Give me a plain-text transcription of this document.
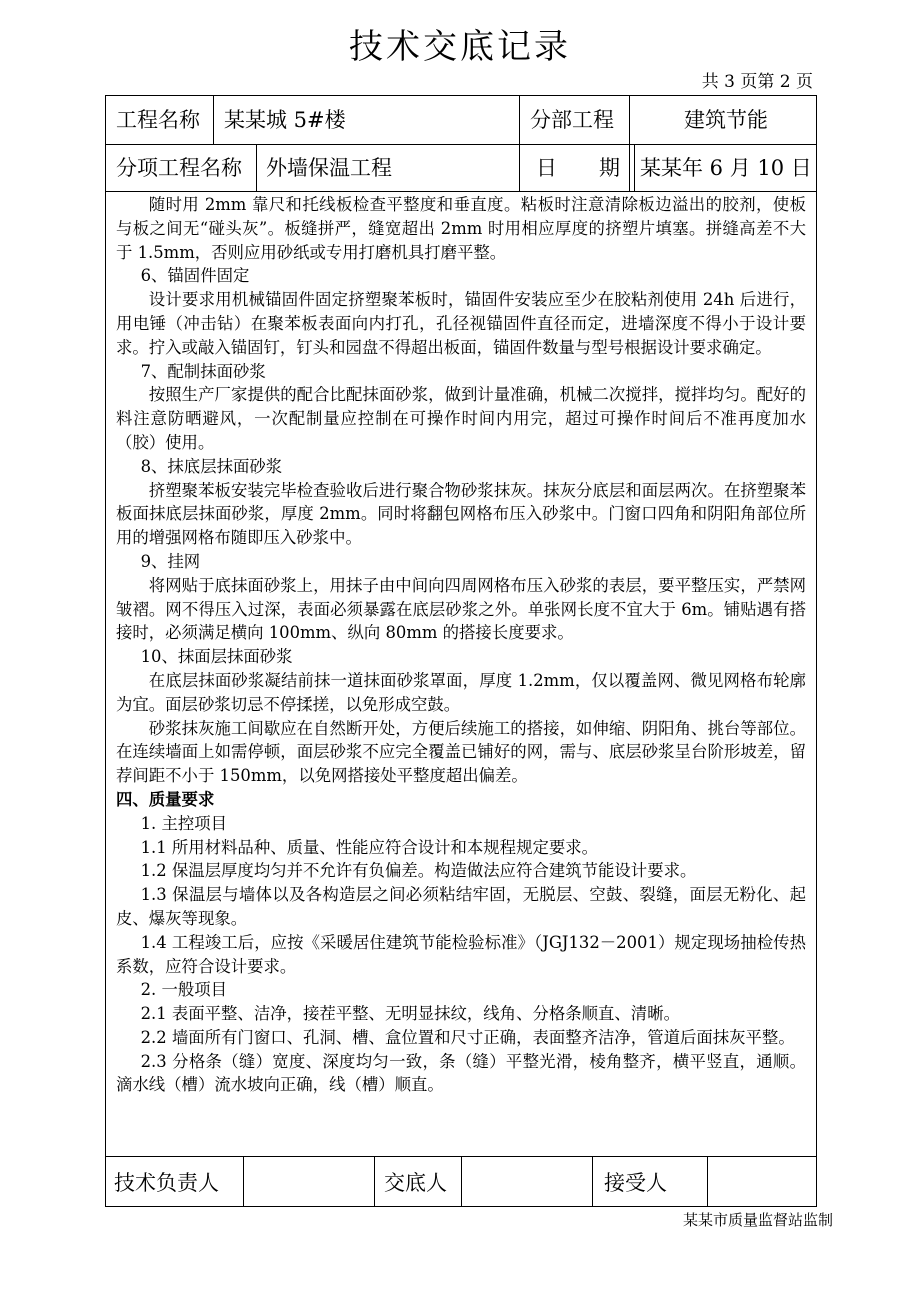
技术交底记录
共 3 页第 2 页
工程名称 某某城 5#楼	分部工程	建筑节能
分项工程名称 外墙保温工程	日　　期 某某年 6 月 10 日

随时用 2mm 靠尺和托线板检查平整度和垂直度。粘板时注意清除板边溢出的胶剂，使板与板之间无“碰头灰”。板缝拼严，缝宽超出 2mm 时用相应厚度的挤塑片填塞。拼缝高差不大于 1.5mm，否则应用砂纸或专用打磨机具打磨平整。

6、锚固件固定

设计要求用机械锚固件固定挤塑聚苯板时，锚固件安装应至少在胶粘剂使用 24h 后进行，用电锤（冲击钻）在聚苯板表面向内打孔，孔径视锚固件直径而定，进墙深度不得小于设计要求。拧入或敲入锚固钉，钉头和园盘不得超出板面，锚固件数量与型号根据设计要求确定。

7、配制抹面砂浆

按照生产厂家提供的配合比配抹面砂浆，做到计量准确，机械二次搅拌，搅拌均匀。配好的料注意防晒避风，一次配制量应控制在可操作时间内用完，超过可操作时间后不准再度加水（胶）使用。

8、抹底层抹面砂浆

挤塑聚苯板安装完毕检查验收后进行聚合物砂浆抹灰。抹灰分底层和面层两次。在挤塑聚苯板面抹底层抹面砂浆，厚度 2mm。同时将翻包网格布压入砂浆中。门窗口四角和阴阳角部位所用的增强网格布随即压入砂浆中。

9、挂网

将网贴于底抹面砂浆上，用抹子由中间向四周网格布压入砂浆的表层，要平整压实，严禁网皱褶。网不得压入过深，表面必须暴露在底层砂浆之外。单张网长度不宜大于 6m。铺贴遇有搭接时，必须满足横向 100mm、纵向 80mm 的搭接长度要求。

10、抹面层抹面砂浆

在底层抹面砂浆凝结前抹一道抹面砂浆罩面，厚度 1.2mm，仅以覆盖网、微见网格布轮廓为宜。面层砂浆切忌不停揉搓，以免形成空鼓。

砂浆抹灰施工间歇应在自然断开处，方便后续施工的搭接，如伸缩、阴阳角、挑台等部位。在连续墙面上如需停顿，面层砂浆不应完全覆盖已铺好的网，需与、底层砂浆呈台阶形坡差，留荐间距不小于 150mm，以免网搭接处平整度超出偏差。

四、质量要求

1. 主控项目

1.1 所用材料品种、质量、性能应符合设计和本规程规定要求。

1.2 保温层厚度均匀并不允许有负偏差。构造做法应符合建筑节能设计要求。

1.3 保温层与墙体以及各构造层之间必须粘结牢固，无脱层、空鼓、裂缝，面层无粉化、起皮、爆灰等现象。

1.4 工程竣工后，应按《采暖居住建筑节能检验标准》（JGJ132－2001）规定现场抽检传热系数，应符合设计要求。

2. 一般项目

2.1 表面平整、洁净，接茬平整、无明显抹纹，线角、分格条顺直、清晰。

2.2 墙面所有门窗口、孔洞、槽、盒位置和尺寸正确，表面整齐洁净，管道后面抹灰平整。

2.3 分格条（缝）宽度、深度均匀一致，条（缝）平整光滑，棱角整齐，横平竖直，通顺。滴水线（槽）流水坡向正确，线（槽）顺直。

技术负责人	交底人	接受人
某某市质量监督站监制
